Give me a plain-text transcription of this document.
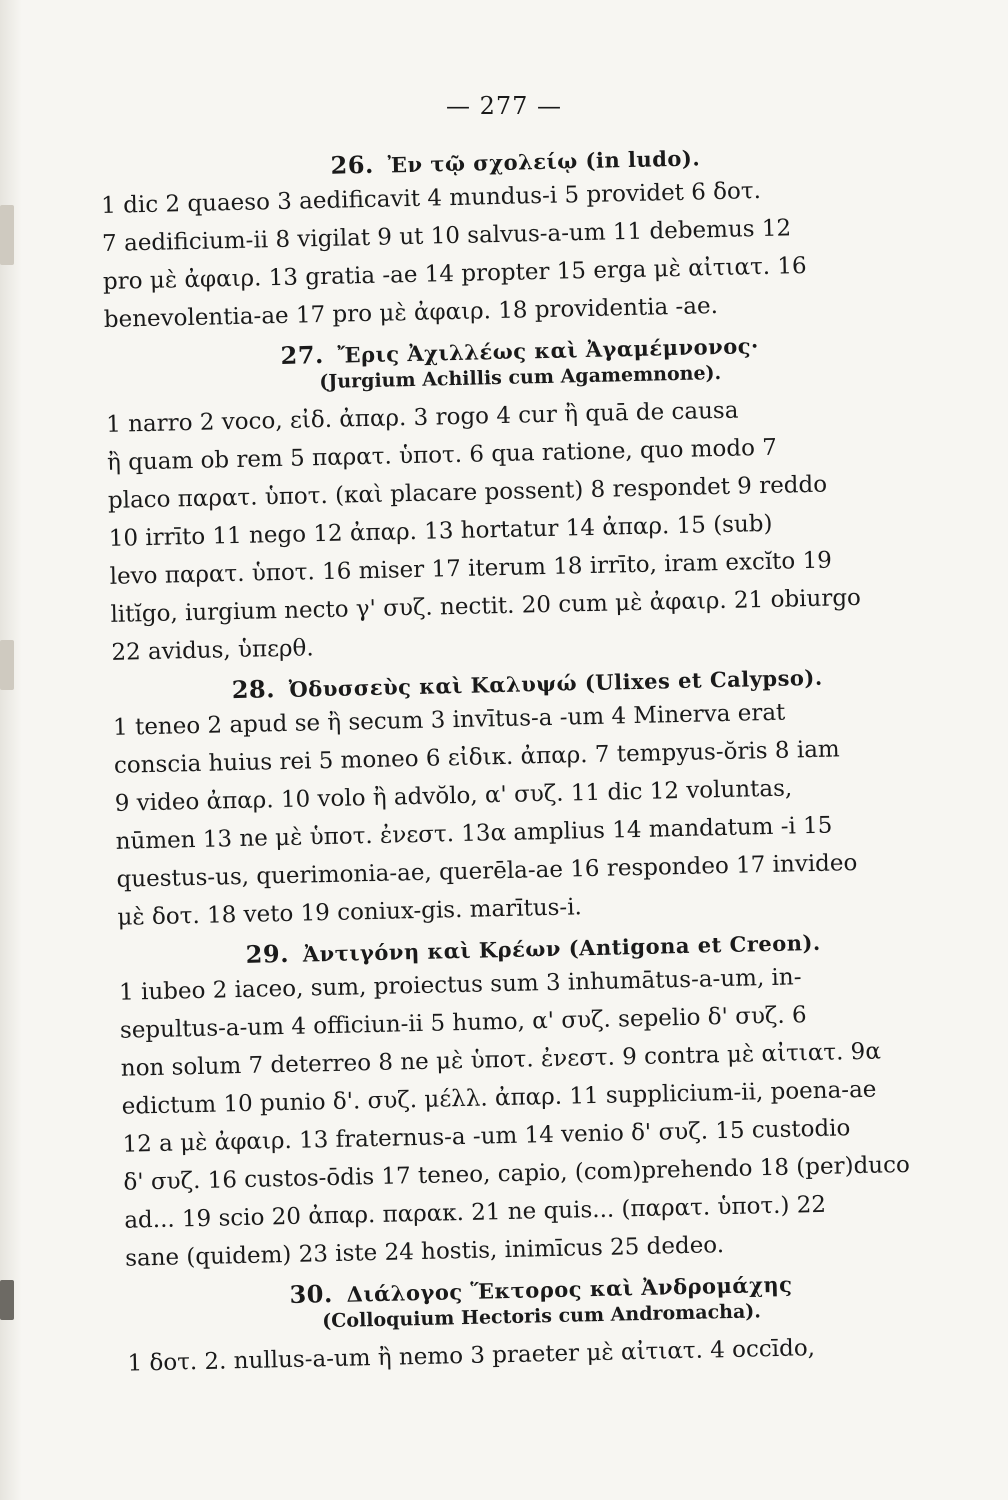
— 277 —
26. Ἐν τῷ σχολείῳ (in ludo).

1 dic 2 quaeso 3 aedificavit 4 mundus-i 5 providet 6 δοτ.
7 aedificium-ii 8 vigilat 9 ut 10 salvus-a-um 11 debemus 12
pro μὲ ἀφαιρ. 13 gratia -ae 14 propter 15 erga μὲ αἰτιατ. 16
benevolentia-ae 17 pro μὲ ἀφαιρ. 18 providentia -ae.

27. Ἔρις Ἀχιλλέως καὶ Ἀγαμέμνονος·
(Jurgium Achillis cum Agamemnone).

1 narro 2 voco, εἰδ. ἀπαρ. 3 rogo 4 cur ἢ quā de causa
ἢ quam ob rem 5 παρατ. ὑποτ. 6 qua ratione, quo modo 7
placo παρατ. ὑποτ. (καὶ placare possent) 8 respondet 9 reddo
10 irrīto 11 nego 12 ἀπαρ. 13 hortatur 14 ἀπαρ. 15 (sub)
levo παρατ. ὑποτ. 16 miser 17 iterum 18 irrīto, iram excĭto 19
litĭgo, iurgium necto γ' συζ. nectit. 20 cum μὲ ἀφαιρ. 21 obiurgo
22 avidus, ὑπερθ.

28. Ὀδυσσεὺς καὶ Καλυψώ (Ulixes et Calypso).

1 teneo 2 apud se ἢ secum 3 invītus-a -um 4 Minerva erat
conscia huius rei 5 moneo 6 εἰδικ. ἀπαρ. 7 tempyus-ŏris 8 iam
9 video ἀπαρ. 10 volo ἢ advŏlo, α' συζ. 11 dic 12 voluntas,
nūmen 13 ne μὲ ὑποτ. ἐνεστ. 13α amplius 14 mandatum -i 15
questus-us, querimonia-ae, querēla-ae 16 respondeo 17 invideo
μὲ δοτ. 18 veto 19 coniux-gis. marītus-i.

29. Ἀντιγόνη καὶ Κρέων (Antigona et Creon).

1 iubeo 2 iaceo, sum, proiectus sum 3 inhumātus-a-um, in-
sepultus-a-um 4 officiun-ii 5 humo, α' συζ. sepelio δ' συζ. 6
non solum 7 deterreo 8 ne μὲ ὑποτ. ἐνεστ. 9 contra μὲ αἰτιατ. 9α
edictum 10 punio δ'. συζ. μέλλ. ἀπαρ. 11 supplicium-ii, poena-ae
12 a μὲ ἀφαιρ. 13 fraternus-a -um 14 venio δ' συζ. 15 custodio
δ' συζ. 16 custos-ōdis 17 teneo, capio, (com)prehendo 18 (per)duco
ad... 19 scio 20 ἀπαρ. παρακ. 21 ne quis... (παρατ. ὑποτ.) 22
sane (quidem) 23 iste 24 hostis, inimīcus 25 dedeo.

30. Διάλογος Ἕκτορος καὶ Ἀνδρομάχης
(Colloquium Hectoris cum Andromacha).

1 δοτ. 2. nullus-a-um ἢ nemo 3 praeter μὲ αἰτιατ. 4 occīdo,
